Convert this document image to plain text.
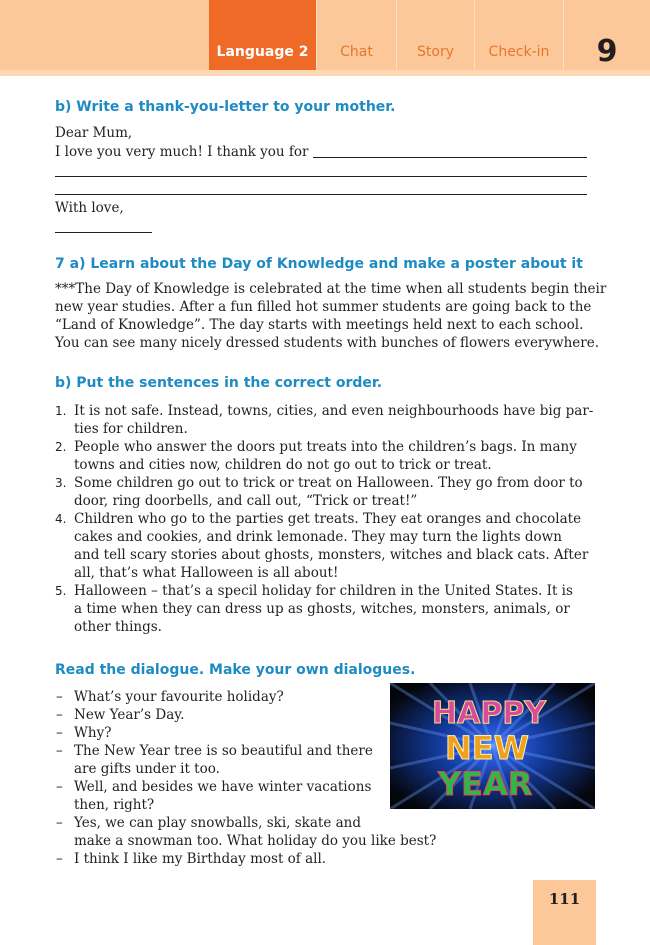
Language 2	Chat	Story	Check-in	9
b) Write a thank-you-letter to your mother.
Dear Mum,
I love you very much! I thank you for
With love,
7 a) Learn about the Day of Knowledge and make a poster about it
***The Day of Knowledge is celebrated at the time when all students begin their
new year studies. After a fun filled hot summer students are going back to the
“Land of Knowledge”. The day starts with meetings held next to each school.
You can see many nicely dressed students with bunches of flowers everywhere.
b) Put the sentences in the correct order.
1. It is not safe. Instead, towns, cities, and even neighbourhoods have big par-
ties for children.
2. People who answer the doors put treats into the children’s bags. In many
towns and cities now, children do not go out to trick or treat.
3. Some children go out to trick or treat on Halloween. They go from door to
door, ring doorbells, and call out, “Trick or treat!”
4. Children who go to the parties get treats. They eat oranges and chocolate
cakes and cookies, and drink lemonade. They may turn the lights down
and tell scary stories about ghosts, monsters, witches and black cats. After
all, that’s what Halloween is all about!
5. Halloween – that’s a specil holiday for children in the United States. It is
a time when they can dress up as ghosts, witches, monsters, animals, or
other things.
Read the dialogue. Make your own dialogues.
– What’s your favourite holiday?
– New Year’s Day.
– Why?
– The New Year tree is so beautiful and there
are gifts under it too.
– Well, and besides we have winter vacations
then, right?
– Yes, we can play snowballs, ski, skate and
make a snowman too. What holiday do you like best?
– I think I like my Birthday most of all.
HAPPY
NEW
YEAR
111
